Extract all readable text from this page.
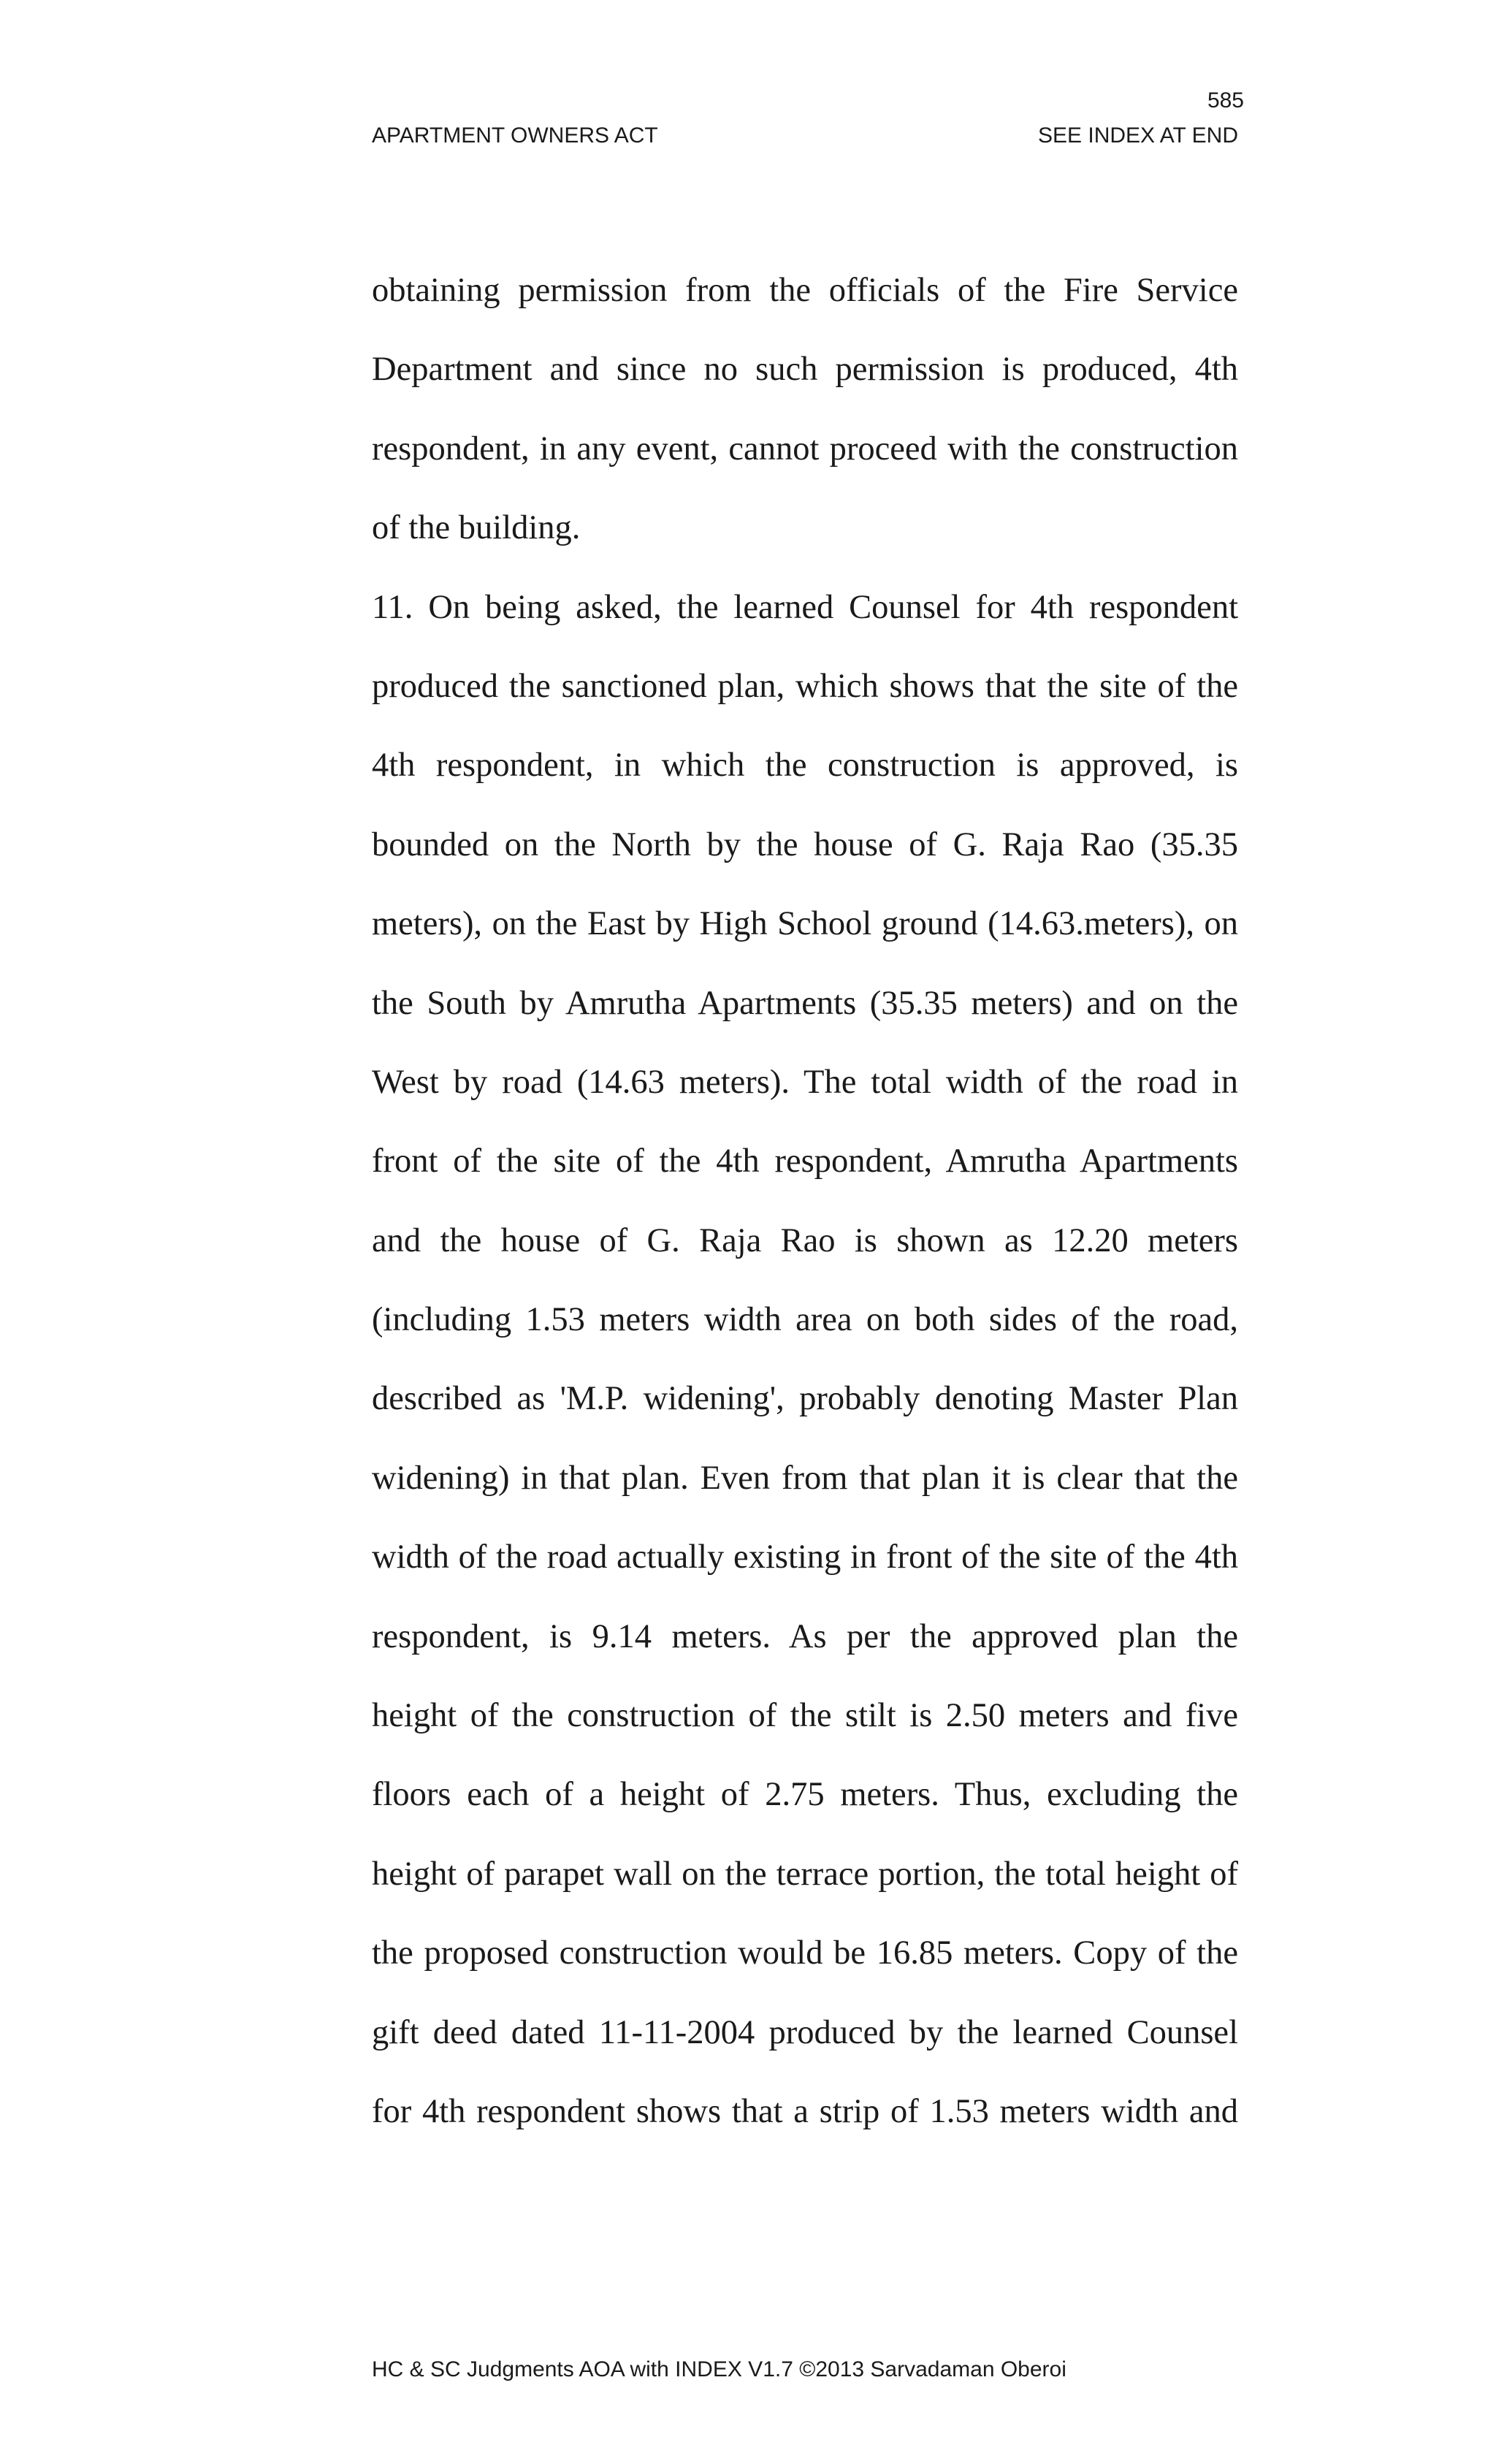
585
APARTMENT OWNERS ACT	SEE INDEX AT END
obtaining permission from the officials of the Fire Service
Department and since no such permission is produced, 4th
respondent, in any event, cannot proceed with the construction
of the building.
11. On being asked, the learned Counsel for 4th respondent
produced the sanctioned plan, which shows that the site of the
4th respondent, in which the construction is approved, is
bounded on the North by the house of G. Raja Rao (35.35
meters), on the East by High School ground (14.63.meters), on
the South by Amrutha Apartments (35.35 meters) and on the
West by road (14.63 meters). The total width of the road in
front of the site of the 4th respondent, Amrutha Apartments
and the house of G. Raja Rao is shown as 12.20 meters
(including 1.53 meters width area on both sides of the road,
described as 'M.P. widening', probably denoting Master Plan
widening) in that plan. Even from that plan it is clear that the
width of the road actually existing in front of the site of the 4th
respondent, is 9.14 meters. As per the approved plan the
height of the construction of the stilt is 2.50 meters and five
floors each of a height of 2.75 meters. Thus, excluding the
height of parapet wall on the terrace portion, the total height of
the proposed construction would be 16.85 meters. Copy of the
gift deed dated 11-11-2004 produced by the learned Counsel
for 4th respondent shows that a strip of 1.53 meters width and
HC & SC Judgments AOA with INDEX V1.7 ©2013 Sarvadaman Oberoi
